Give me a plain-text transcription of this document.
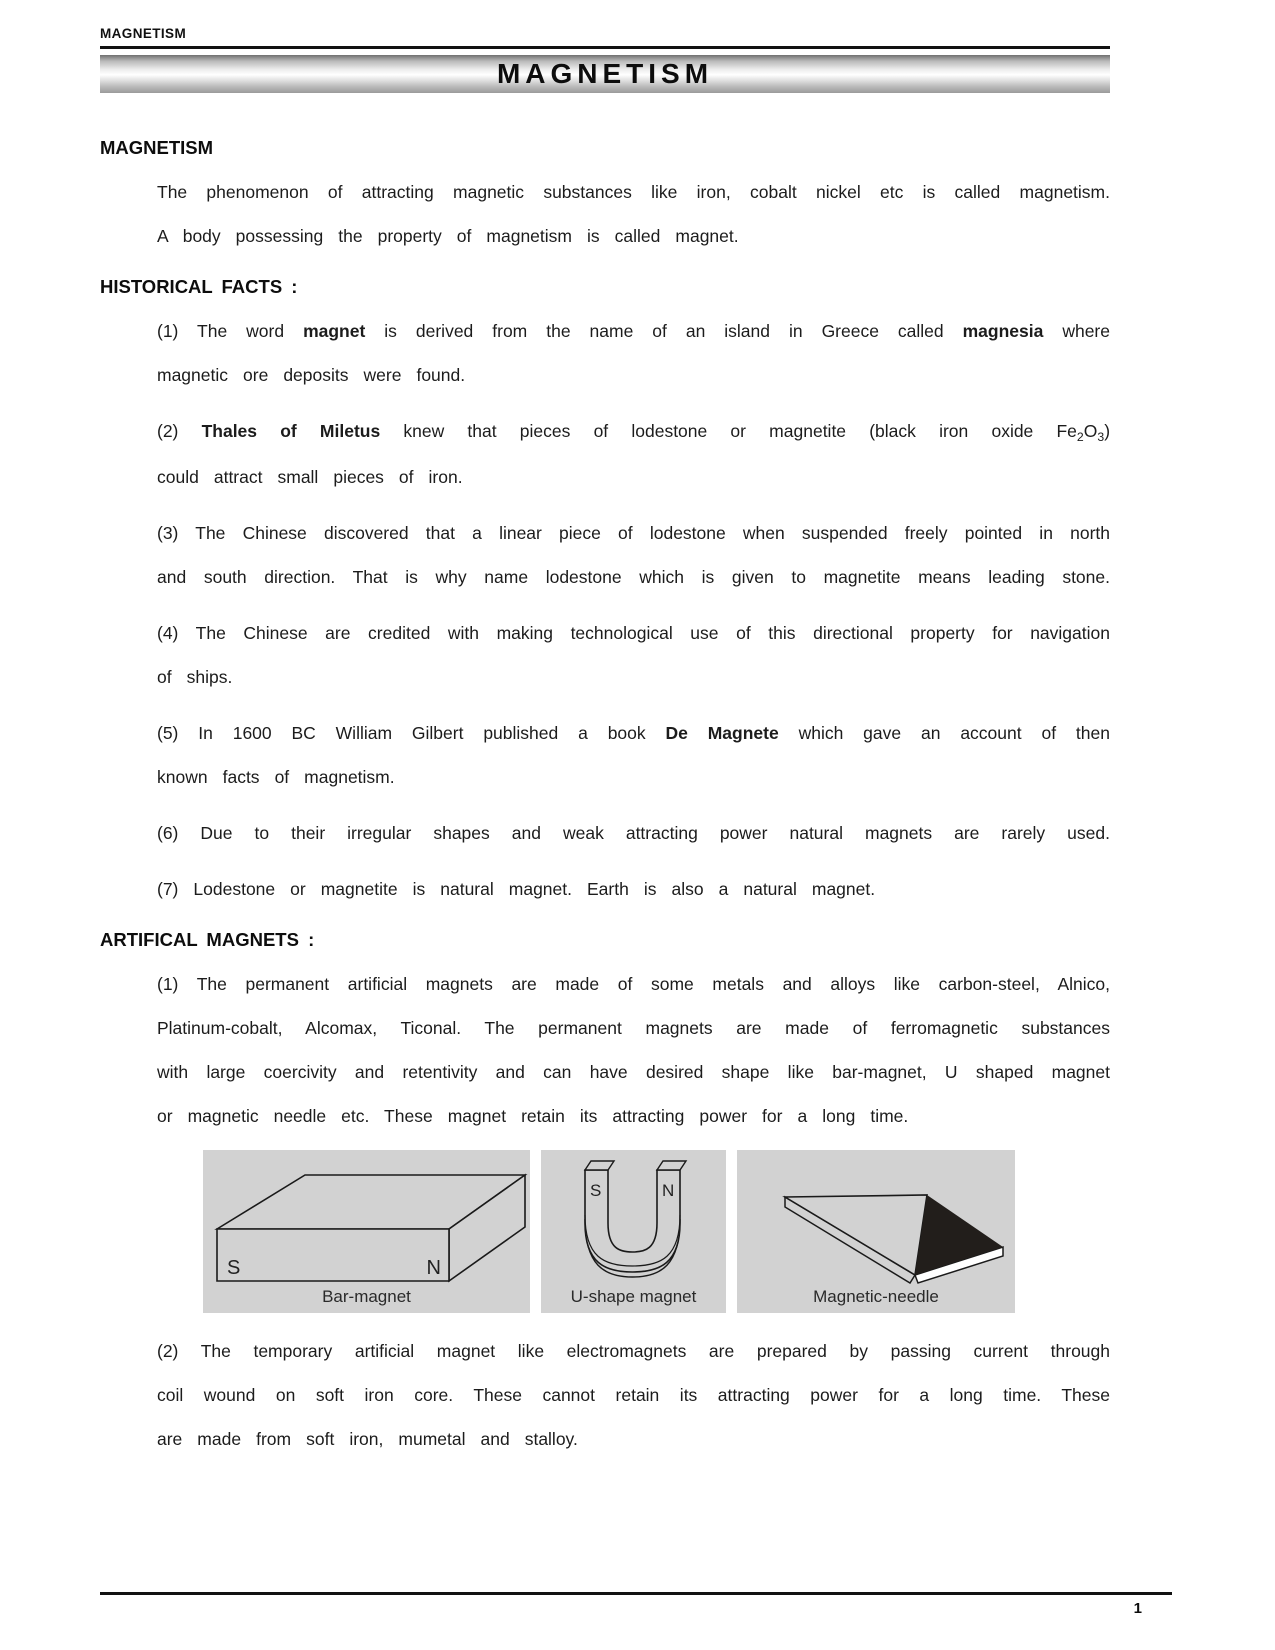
MAGNETISM
MAGNETISM
MAGNETISM
The phenomenon of attracting magnetic substances like iron, cobalt nickel etc is called magnetism.
A body possessing the property of magnetism is called magnet.
HISTORICAL FACTS :
(1) The word magnet is derived from the name of an island in Greece called magnesia where
magnetic ore deposits were found.
(2) Thales of Miletus knew that pieces of lodestone or magnetite (black iron oxide $Fe_2O_3$)
could attract small pieces of iron.
(3) The Chinese discovered that a linear piece of lodestone when suspended freely pointed in north
and south direction. That is why name lodestone which is given to magnetite means leading stone.
(4) The Chinese are credited with making technological use of this directional property for navigation
of ships.
(5) In 1600 BC William Gilbert published a book De Magnete which gave an account of then
known facts of magnetism.
(6) Due to their irregular shapes and weak attracting power natural magnets are rarely used.
(7) Lodestone or magnetite is natural magnet. Earth is also a natural magnet.
ARTIFICAL MAGNETS :
(1) The permanent artificial magnets are made of some metals and alloys like carbon-steel, Alnico,
Platinum-cobalt, Alcomax, Ticonal. The permanent magnets are made of ferromagnetic substances
with large coercivity and retentivity and can have desired shape like bar-magnet, U shaped magnet
or magnetic needle etc. These magnet retain its attracting power for a long time.
S	N
Bar-magnet
S	N
U-shape magnet	Magnetic-needle
(2) The temporary artificial magnet like electromagnets are prepared by passing current through
coil wound on soft iron core. These cannot retain its attracting power for a long time. These
are made from soft iron, mumetal and stalloy.
1
